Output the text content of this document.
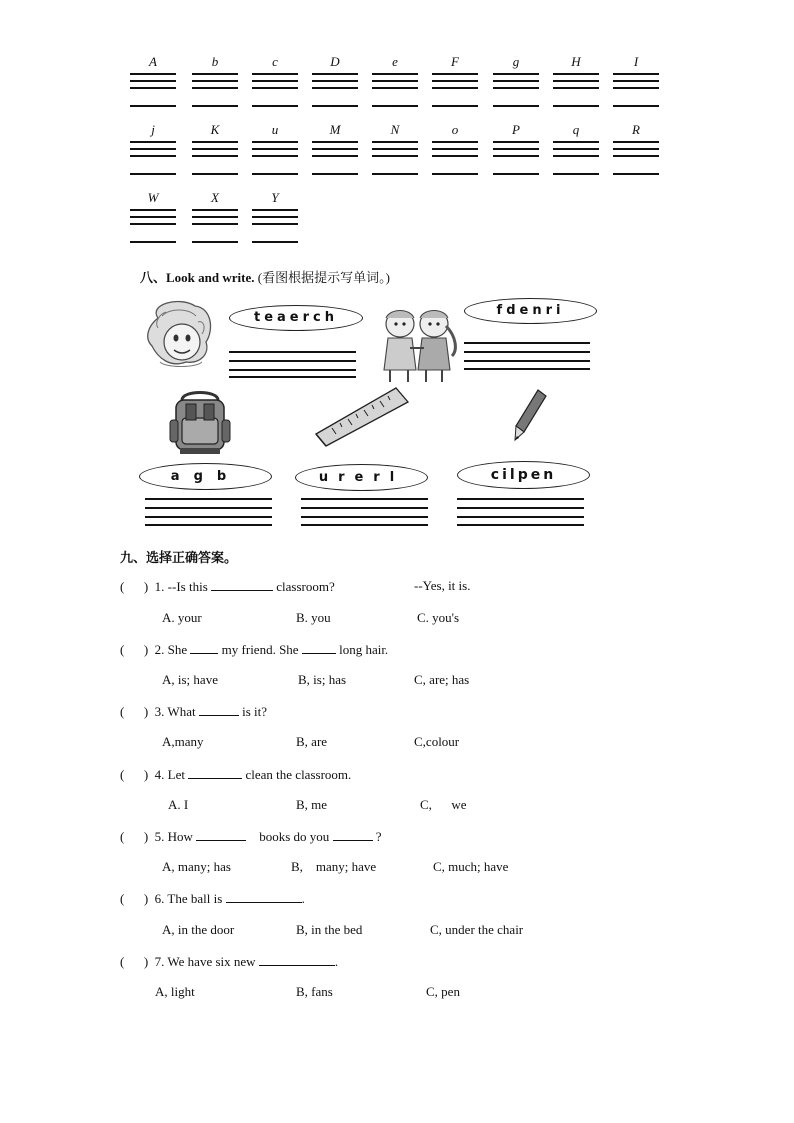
A	b	c	D	e	F	g	H	I
j	K	u	M	N	o	P	q	R
W	X	Y
八、Look and write. (看图根据提示写单词。)
teaerch	fdenri
agb	urerl	cilpen
九、选择正确答案。
(      ) 1. --Is this	classroom?	--Yes, it is.
A. your	B. you	C. you's
(      ) 2. She	my friend. She	long hair.
A, is; have	B, is; has	C, are; has
(      ) 3. What	is it?
A,many	B, are	C,colour
(      ) 4. Let	clean the classroom.
A. I	B, me	C,      we
(      ) 5. How	books do you	?
A, many; has	B,    many; have	C, much; have
(      ) 6. The ball is	.
A, in the door	B, in the bed	C, under the chair
(      ) 7. We have six new	.
A, light	B, fans	C, pen
